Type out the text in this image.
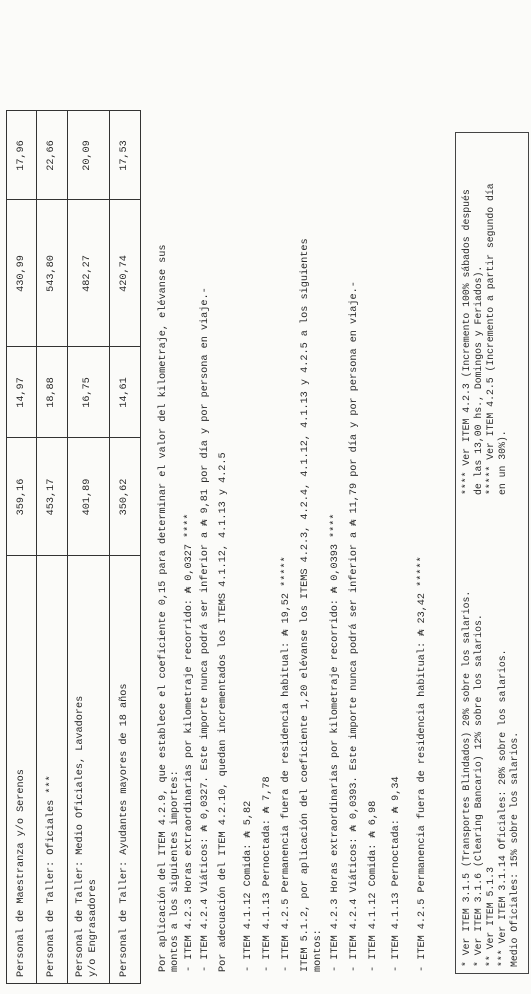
Personal de Maestranza y/o Serenos
359,16
14,97
430,99
17,96
Personal de Taller: Oficiales ***
453,17
18,88
543,80
22,66
Personal de Taller: Medio Oficiales, Lavadores y/o Engrasadores
401,89
16,75
482,27
20,09
Personal de Taller: Ayudantes mayores de 18 años
350,62
14,61
420,74
17,53
Por aplicación del ITEM 4.2.9, que establece el coeficiente 0,15 para determinar el valor del kilometraje, elévanse sus montos a los siguientes importes: - ITEM 4.2.3 Horas extraordinarias por kilometraje recorrido: ₳ 0,0327 **** - ITEM 4.2.4 Viáticos: ₳ 0,0327. Este importe nunca podrá ser inferior a ₳ 9,81 por día y por persona en viaje.- Por adecuación del ITEM 4.2.10, quedan incrementados los ITEMS 4.1.12, 4.1.13 y 4.2.5 - ITEM 4.1.12 Comida: ₳ 5,82 - ITEM 4.1.13 Pernoctada: ₳ 7,78 - ITEM 4.2.5 Permanencia fuera de residencia habitual: ₳ 19,52 ***** ITEM 5.1.2, por aplicación del coeficiente 1,20 elévanse los ITEMS 4.2.3, 4.2.4, 4.1.12, 4.1.13 y 4.2.5 a los siguientes montos: - ITEM 4.2.3 Horas extraordinarias por kilometraje recorrido: ₳ 0,0393 **** - ITEM 4.2.4 Viáticos: ₳ 0,0393. Este importe nunca podrá ser inferior a ₳ 11,79 por día y por persona en viaje.- - ITEM 4.1.12 Comida: ₳ 6,98 - ITEM 4.1.13 Pernoctada: ₳ 9,34 - ITEM 4.2.5 Permanencia fuera de residencia habitual: ₳ 23,42 *****	* Ver ITEM 3.1.5 (Transportes Blindados) 20% sobre los salarios. * Ver ITEM 3.1.6 (Clearing Bancario) 12% sobre los salarios. ** Ver ITEM 5.1.3 *** Ver ITEM 3.1.14 Oficiales: 20% sobre los salarios. Medio Oficiales: 15% sobre los salarios.
**** Ver ITEM 4.2.3 (Incremento 100% sábados después de las 13,00 hs., Domingos y Feriados). ***** Ver ITEM 4.2.5 (Incremento a partir segundo día en un 30%).
